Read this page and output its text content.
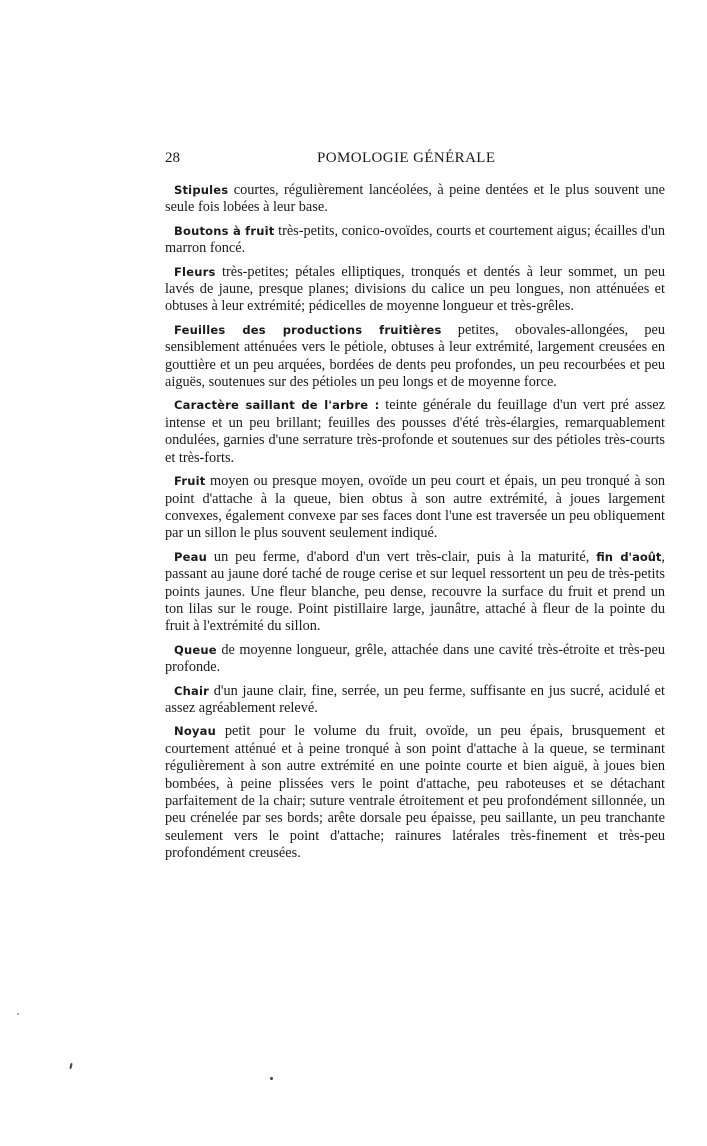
28	POMOLOGIE GÉNÉRALE

Stipules courtes, régulièrement lancéolées, à peine dentées et le plus souvent une seule fois lobées à leur base.

Boutons à fruit très-petits, conico-ovoïdes, courts et courtement aigus; écailles d'un marron foncé.

Fleurs très-petites; pétales elliptiques, tronqués et dentés à leur sommet, un peu lavés de jaune, presque planes; divisions du calice un peu longues, non atténuées et obtuses à leur extrémité; pédicelles de moyenne longueur et très-grêles.

Feuilles des productions fruitières petites, obovales-allongées, peu sensiblement atténuées vers le pétiole, obtuses à leur extrémité, largement creusées en gouttière et un peu arquées, bordées de dents peu profondes, un peu recourbées et peu aiguës, soutenues sur des pétioles un peu longs et de moyenne force.

Caractère saillant de l'arbre : teinte générale du feuillage d'un vert pré assez intense et un peu brillant; feuilles des pousses d'été très-élargies, remarquablement ondulées, garnies d'une serrature très-profonde et soutenues sur des pétioles très-courts et très-forts.

Fruit moyen ou presque moyen, ovoïde un peu court et épais, un peu tronqué à son point d'attache à la queue, bien obtus à son autre extrémité, à joues largement convexes, également convexe par ses faces dont l'une est traversée un peu obliquement par un sillon le plus souvent seulement indiqué.

Peau un peu ferme, d'abord d'un vert très-clair, puis à la maturité, fin d'août, passant au jaune doré taché de rouge cerise et sur lequel ressortent un peu de très-petits points jaunes. Une fleur blanche, peu dense, recouvre la surface du fruit et prend un ton lilas sur le rouge. Point pistillaire large, jaunâtre, attaché à fleur de la pointe du fruit à l'extrémité du sillon.

Queue de moyenne longueur, grêle, attachée dans une cavité très-étroite et très-peu profonde.

Chair d'un jaune clair, fine, serrée, un peu ferme, suffisante en jus sucré, acidulé et assez agréablement relevé.

Noyau petit pour le volume du fruit, ovoïde, un peu épais, brusquement et courtement atténué et à peine tronqué à son point d'attache à la queue, se terminant régulièrement à son autre extrémité en une pointe courte et bien aiguë, à joues bien bombées, à peine plissées vers le point d'attache, peu raboteuses et se détachant parfaitement de la chair; suture ventrale étroitement et peu profondément sillonnée, un peu crénelée par ses bords; arête dorsale peu épaisse, peu saillante, un peu tranchante seulement vers le point d'attache; rainures latérales très-finement et très-peu profondément creusées.
